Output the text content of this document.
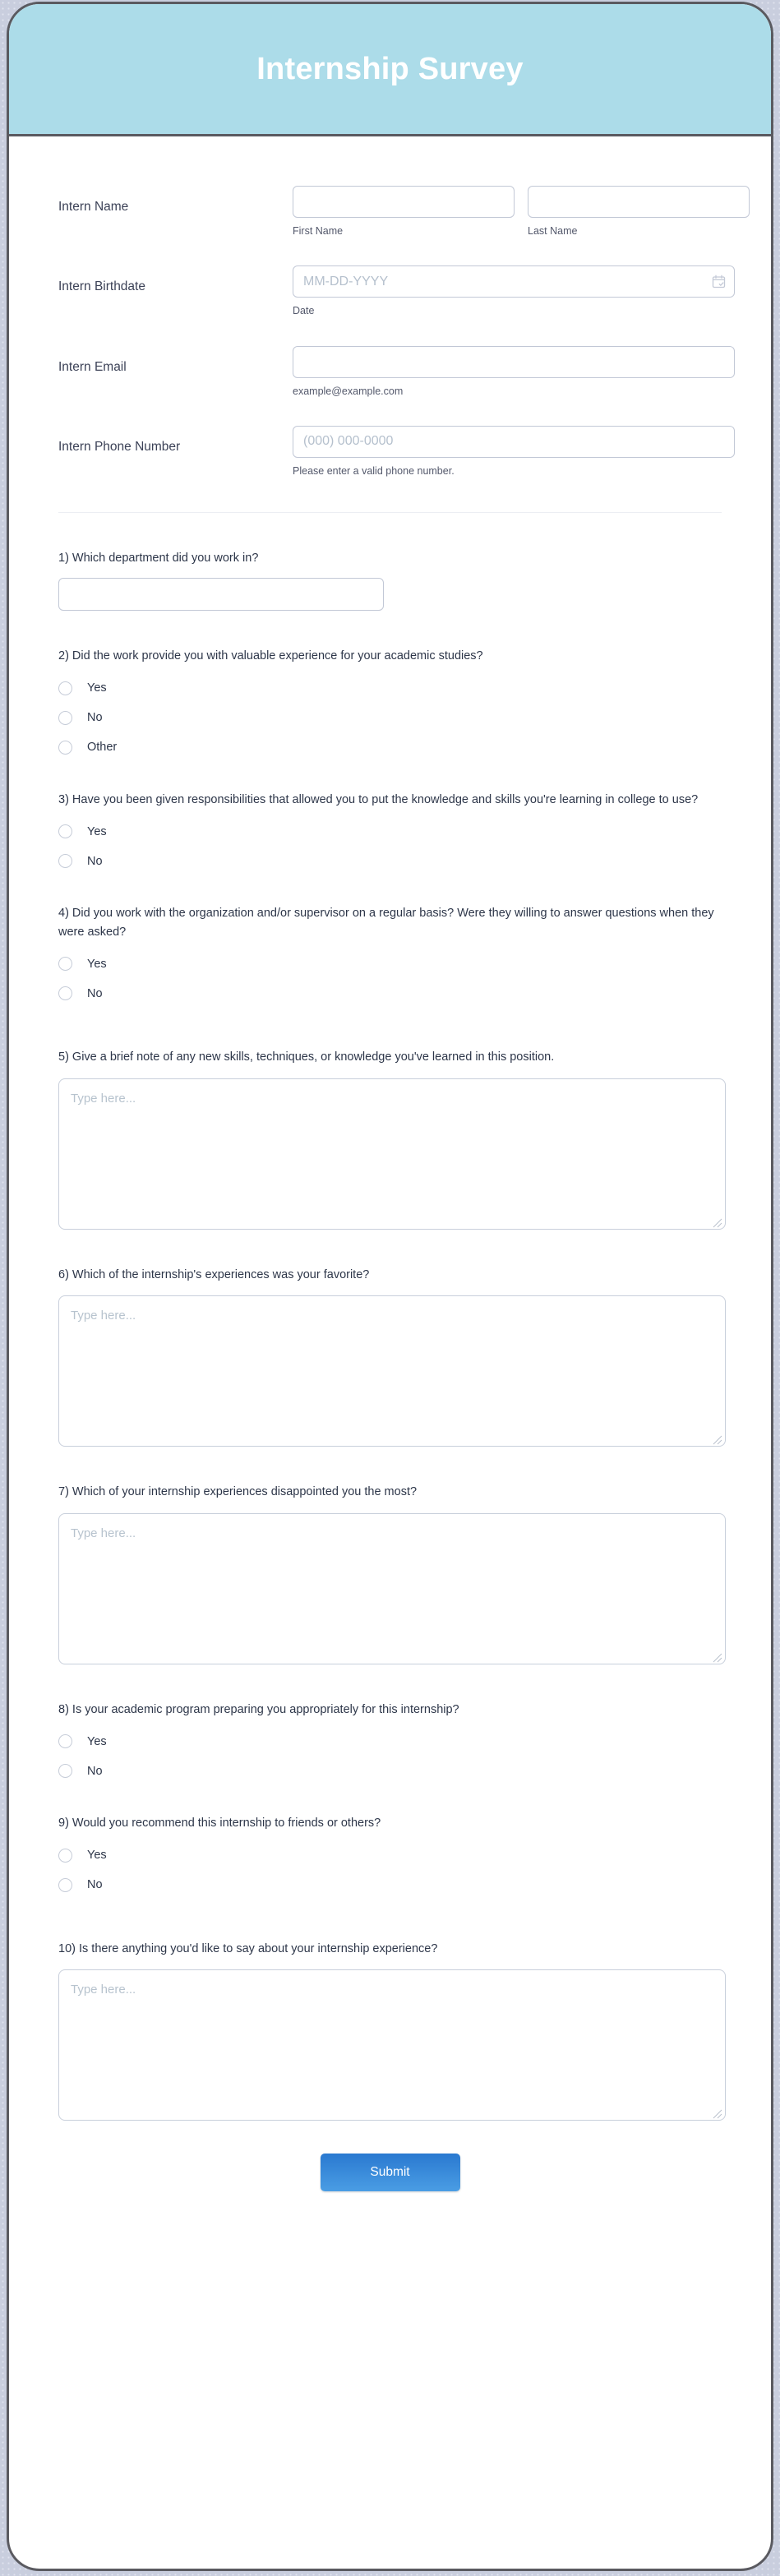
Internship Survey
Intern Name
First Name	Last Name
Intern Birthdate
MM-DD-YYYY
Date
Intern Email
example@example.com
Intern Phone Number
(000) 000-0000
Please enter a valid phone number.

1) Which department did you work in?

2) Did the work provide you with valuable experience for your academic studies?

Yes
No
Other

3) Have you been given responsibilities that allowed you to put the knowledge and skills you're learning in college to use?

Yes
No

4) Did you work with the organization and/or supervisor on a regular basis? Were they willing to answer questions when they were asked?

Yes
No

5) Give a brief note of any new skills, techniques, or knowledge you've learned in this position.

Type here...

6) Which of the internship's experiences was your favorite?

Type here...

7) Which of your internship experiences disappointed you the most?

Type here...

8) Is your academic program preparing you appropriately for this internship?

Yes
No

9) Would you recommend this internship to friends or others?

Yes
No

10) Is there anything you'd like to say about your internship experience?

Type here...
Submit
